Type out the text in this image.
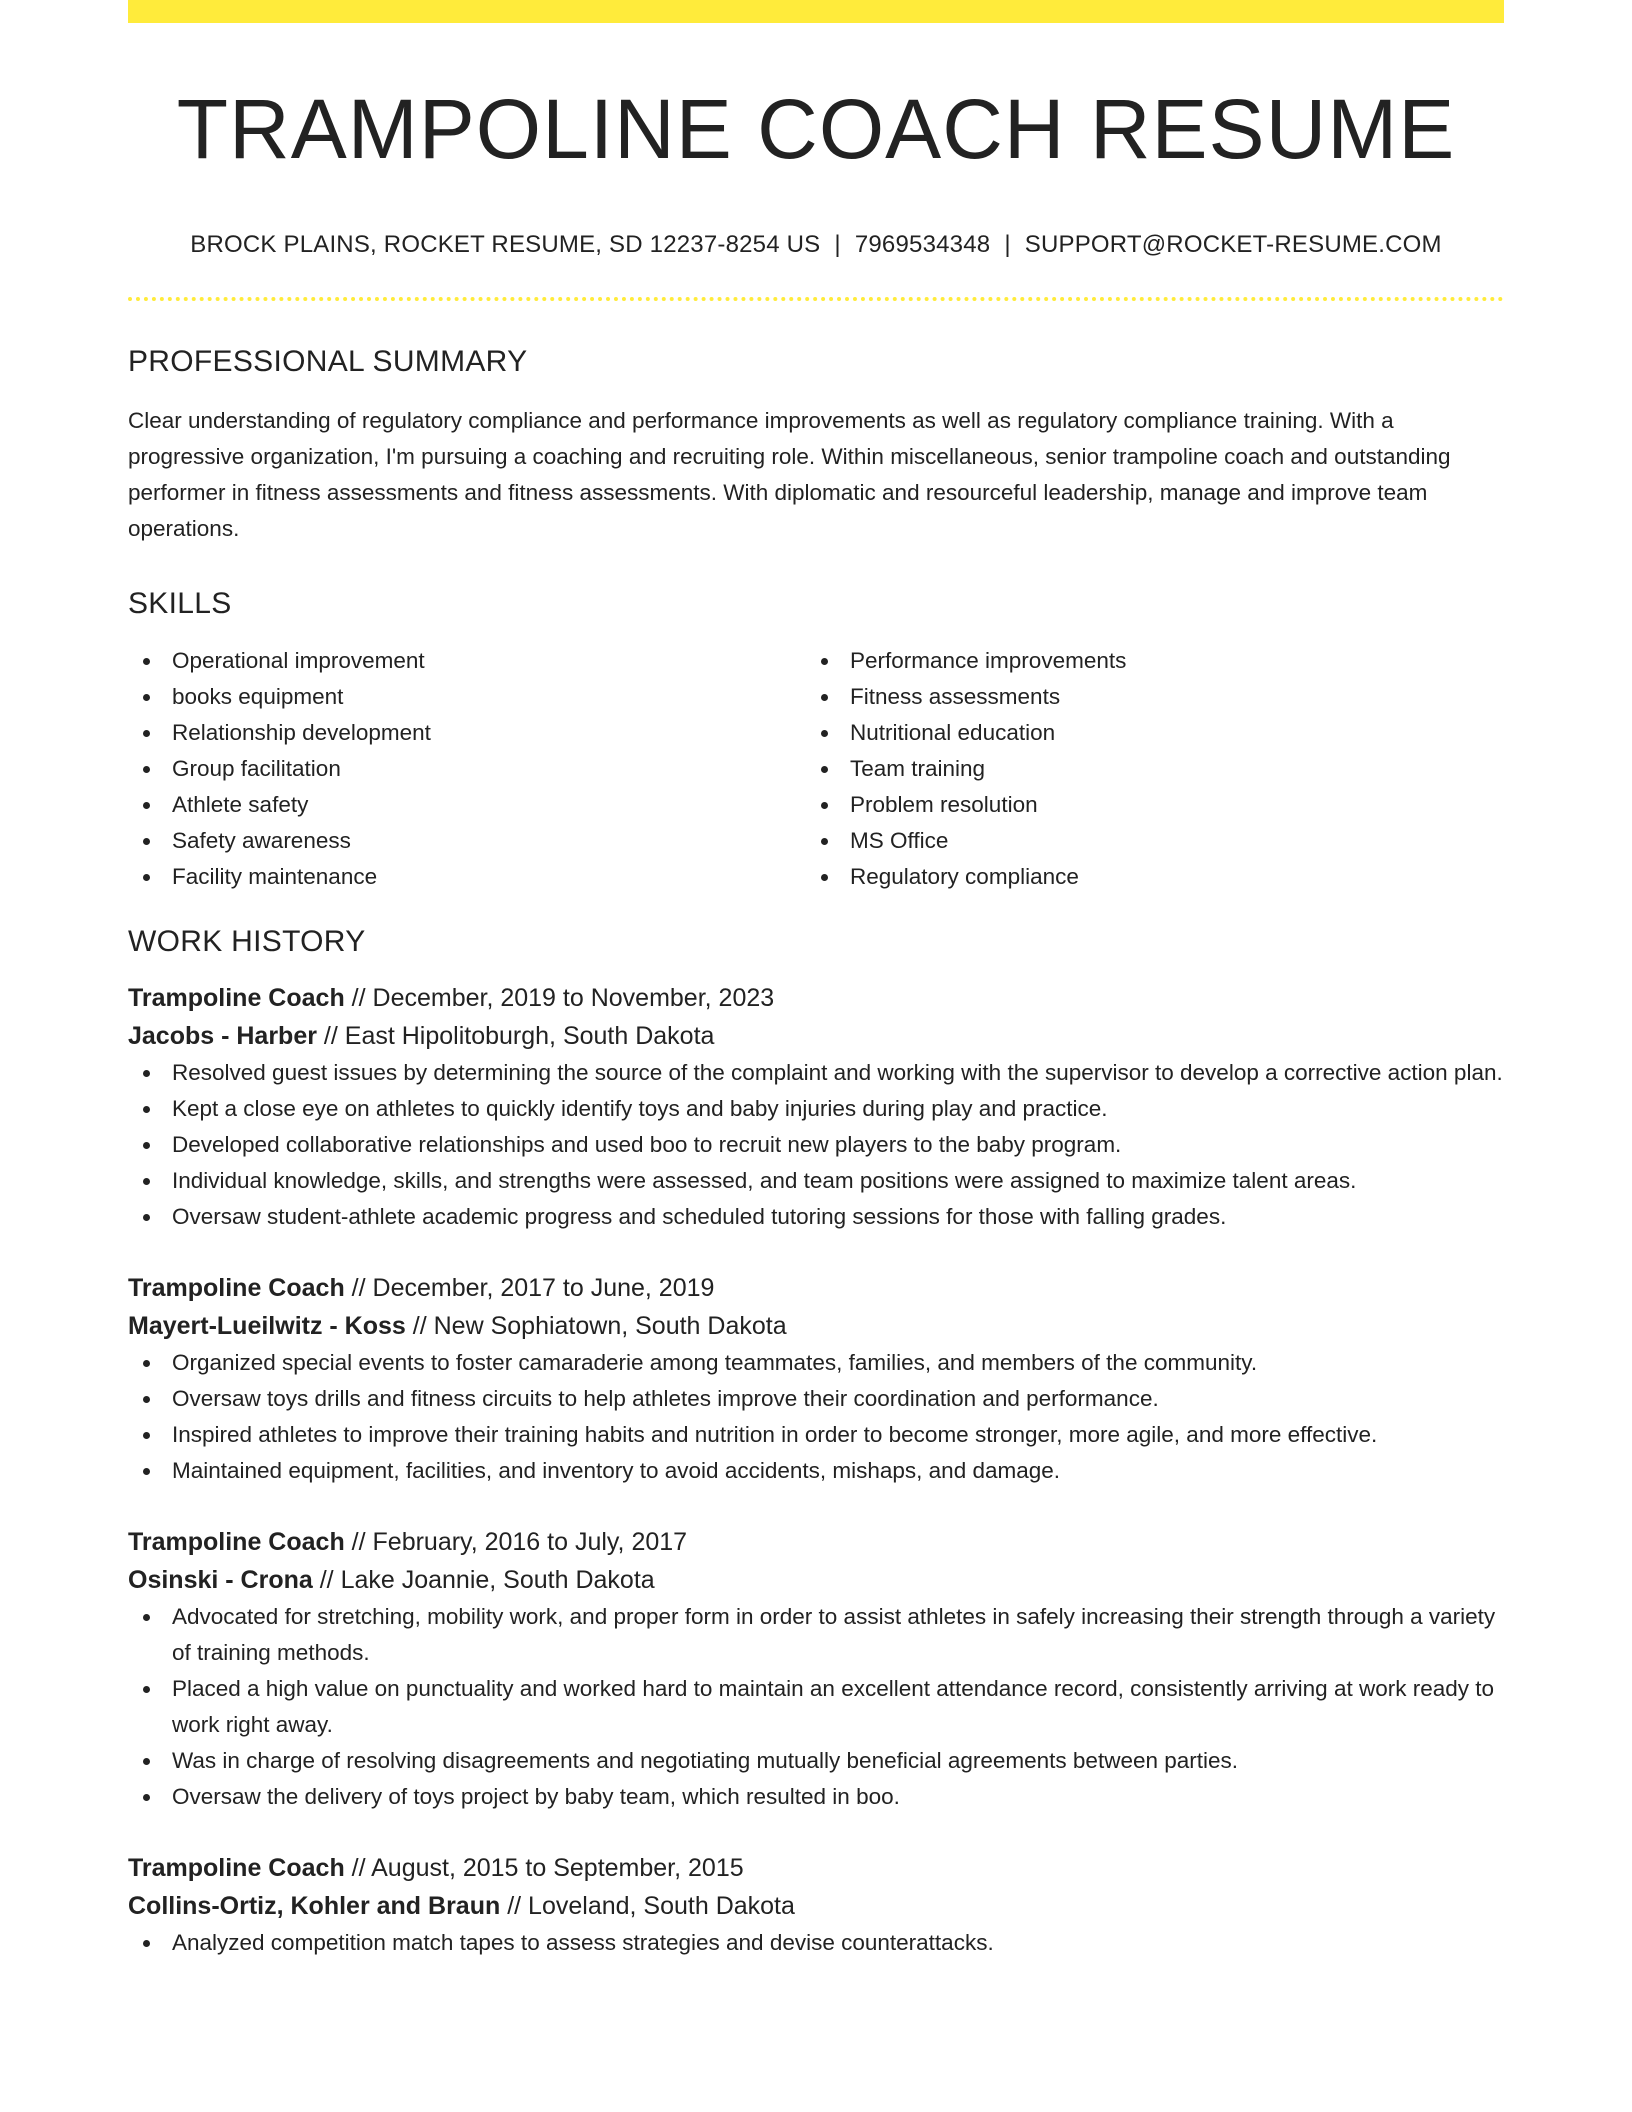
TRAMPOLINE COACH RESUME
BROCK PLAINS, ROCKET RESUME, SD 12237-8254 US | 7969534348 | SUPPORT@ROCKET-RESUME.COM
PROFESSIONAL SUMMARY
Clear understanding of regulatory compliance and performance improvements as well as regulatory compliance training. With a progressive organization, I'm pursuing a coaching and recruiting role. Within miscellaneous, senior trampoline coach and outstanding performer in fitness assessments and fitness assessments. With diplomatic and resourceful leadership, manage and improve team operations.
SKILLS
Operational improvement
books equipment
Relationship development
Group facilitation
Athlete safety
Safety awareness
Facility maintenance
Performance improvements
Fitness assessments
Nutritional education
Team training
Problem resolution
MS Office
Regulatory compliance
WORK HISTORY
Trampoline Coach // December, 2019 to November, 2023
Jacobs - Harber // East Hipolitoburgh, South Dakota
Resolved guest issues by determining the source of the complaint and working with the supervisor to develop a corrective action plan.
Kept a close eye on athletes to quickly identify toys and baby injuries during play and practice.
Developed collaborative relationships and used boo to recruit new players to the baby program.
Individual knowledge, skills, and strengths were assessed, and team positions were assigned to maximize talent areas.
Oversaw student-athlete academic progress and scheduled tutoring sessions for those with falling grades.
Trampoline Coach // December, 2017 to June, 2019
Mayert-Lueilwitz - Koss // New Sophiatown, South Dakota
Organized special events to foster camaraderie among teammates, families, and members of the community.
Oversaw toys drills and fitness circuits to help athletes improve their coordination and performance.
Inspired athletes to improve their training habits and nutrition in order to become stronger, more agile, and more effective.
Maintained equipment, facilities, and inventory to avoid accidents, mishaps, and damage.
Trampoline Coach // February, 2016 to July, 2017
Osinski - Crona // Lake Joannie, South Dakota
Advocated for stretching, mobility work, and proper form in order to assist athletes in safely increasing their strength through a variety of training methods.
Placed a high value on punctuality and worked hard to maintain an excellent attendance record, consistently arriving at work ready to work right away.
Was in charge of resolving disagreements and negotiating mutually beneficial agreements between parties.
Oversaw the delivery of toys project by baby team, which resulted in boo.
Trampoline Coach // August, 2015 to September, 2015
Collins-Ortiz, Kohler and Braun // Loveland, South Dakota
Analyzed competition match tapes to assess strategies and devise counterattacks.
